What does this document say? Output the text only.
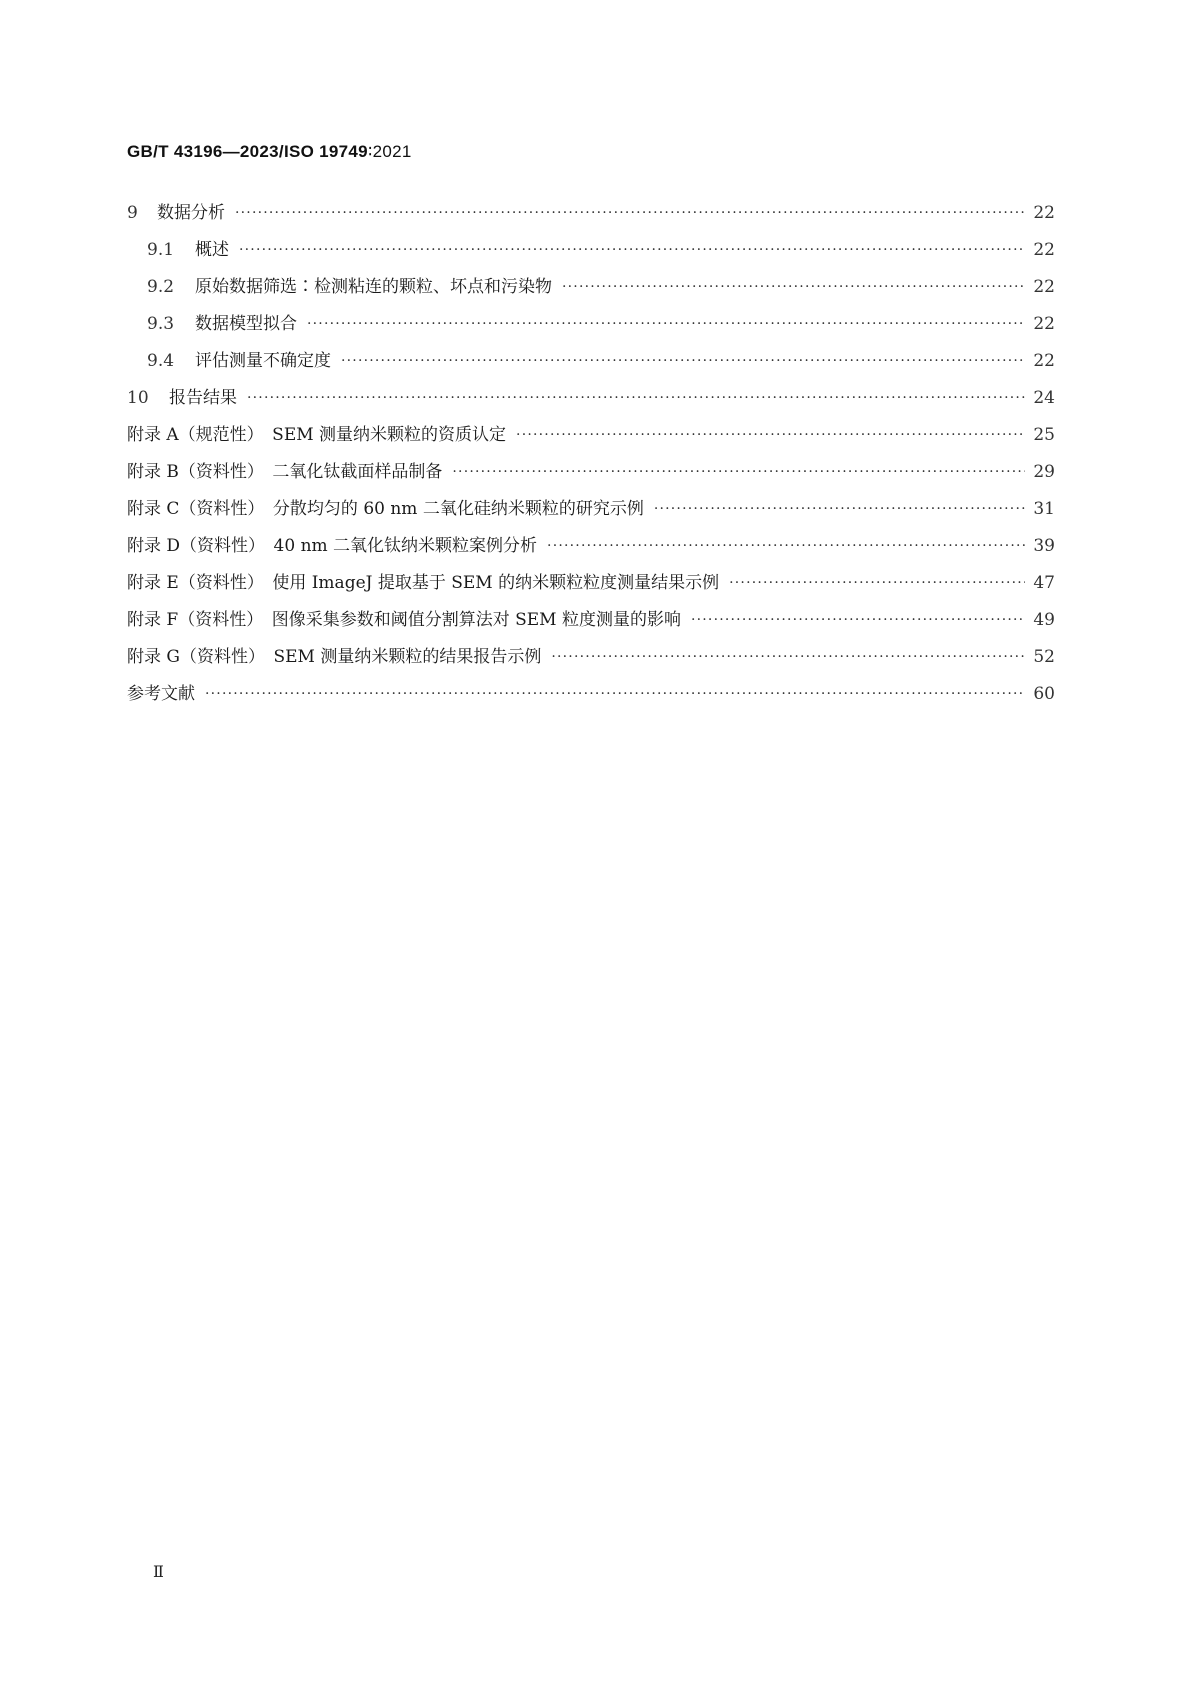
GB/T 43196—2023/ISO 19749∶2021
9	数据分析 ·····	22
9.1	概述 ·····	22
9.2	原始数据筛选∶检测粘连的颗粒、坏点和污染物 ·····	22
9.3	数据模型拟合 ·····	22
9.4	评估测量不确定度 ·····	22
10	报告结果 ·····	24
附录 A（规范性）　SEM 测量纳米颗粒的资质认定 ·····	25
附录 B（资料性）　二氧化钛截面样品制备 ·····	29
附录 C（资料性）　分散均匀的 60 nm 二氧化硅纳米颗粒的研究示例 ·····	31
附录 D（资料性）　40 nm 二氧化钛纳米颗粒案例分析 ·····	39
附录 E（资料性）　使用 ImageJ 提取基于 SEM 的纳米颗粒粒度测量结果示例 ·····	47
附录 F（资料性）　图像采集参数和阈值分割算法对 SEM 粒度测量的影响 ·····	49
附录 G（资料性）　SEM 测量纳米颗粒的结果报告示例 ·····	52
参考文献 ·····	60
Ⅱ
